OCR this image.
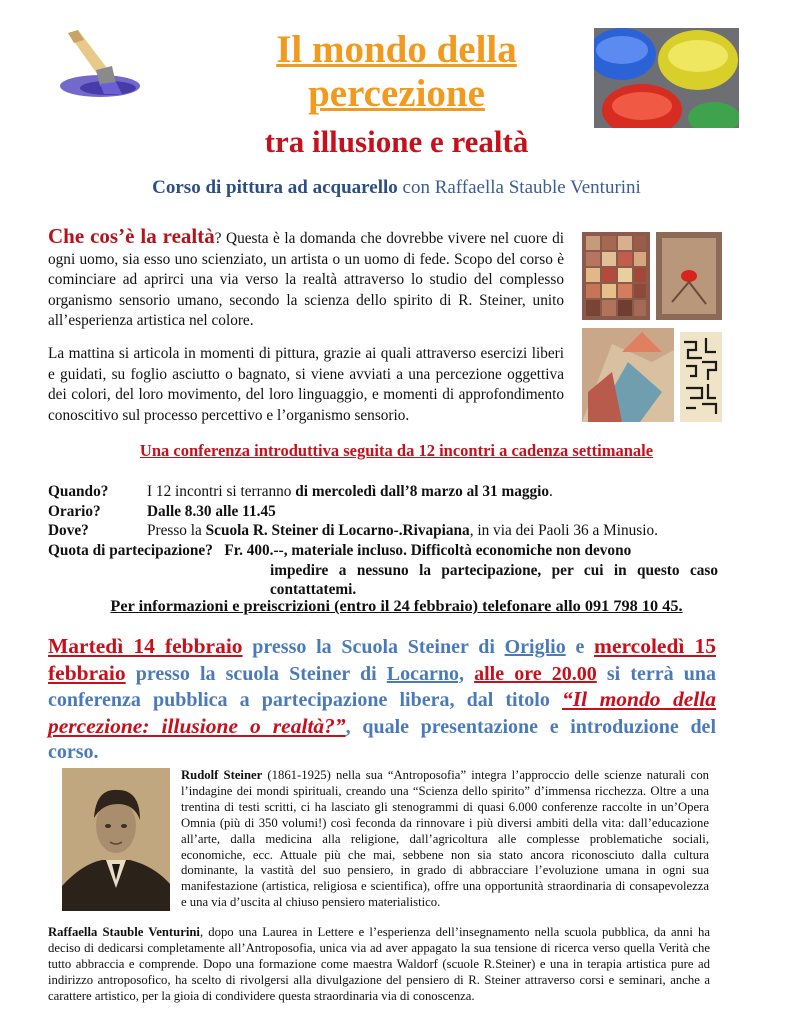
Il mondo della
percezione
tra illusione e realtà
Corso di pittura ad acquarello con Raffaella Stauble Venturini
Che cos’è la realtà? Questa è la domanda che dovrebbe vivere nel cuore di ogni uomo, sia esso uno scienziato, un artista o un uomo di fede. Scopo del corso è cominciare ad aprirci una via verso la realtà attraverso lo studio del complesso organismo sensorio umano, secondo la scienza dello spirito di R. Steiner, unito all’esperienza artistica nel colore.
La mattina si articola in momenti di pittura, grazie ai quali attraverso esercizi liberi e guidati, su foglio asciutto o bagnato, si viene avviati a una percezione oggettiva dei colori, del loro movimento, del loro linguaggio, e momenti di approfondimento conoscitivo sul processo percettivo e l’organismo sensorio.
Una conferenza introduttiva seguita da 12 incontri a cadenza settimanale
Quando?	I 12 incontri si terranno di mercoledì dall’8 marzo al 31 maggio.
Orario?	Dalle 8.30 alle 11.45
Dove?	Presso la Scuola R. Steiner di Locarno-.Rivapiana, in via dei Paoli 36 a Minusio.
Quota di partecipazione? Fr. 400.--, materiale incluso. Difficoltà economiche non devono
impedire a nessuno la partecipazione, per cui in questo caso contattatemi.
Per informazioni e preiscrizioni (entro il 24 febbraio) telefonare allo 091 798 10 45.
Martedì 14 febbraio presso la Scuola Steiner di Origlio e mercoledì 15 febbraio presso la scuola Steiner di Locarno, alle ore 20.00 si terrà una conferenza pubblica a partecipazione libera, dal titolo “Il mondo della percezione: illusione o realtà?”, quale presentazione e introduzione del corso.
Rudolf Steiner (1861-1925) nella sua “Antroposofia” integra l’approccio delle scienze naturali con l’indagine dei mondi spirituali, creando una “Scienza dello spirito” d’immensa ricchezza. Oltre a una trentina di testi scritti, ci ha lasciato gli stenogrammi di quasi 6.000 conferenze raccolte in un’Opera Omnia (più di 350 volumi!) così feconda da rinnovare i più diversi ambiti della vita: dall’educazione all’arte, dalla medicina alla religione, dall’agricoltura alle complesse problematiche sociali, economiche, ecc. Attuale più che mai, sebbene non sia stato ancora riconosciuto dalla cultura dominante, la vastità del suo pensiero, in grado di abbracciare l’evoluzione umana in ogni sua manifestazione (artistica, religiosa e scientifica), offre una opportunità straordinaria di consapevolezza e una via d’uscita al chiuso pensiero materialistico.
Raffaella Stauble Venturini, dopo una Laurea in Lettere e l’esperienza dell’insegnamento nella scuola pubblica, da anni ha deciso di dedicarsi completamente all’Antroposofia, unica via ad aver appagato la sua tensione di ricerca verso quella Verità che tutto abbraccia e comprende. Dopo una formazione come maestra Waldorf (scuole R.Steiner) e una in terapia artistica pure ad indirizzo antroposofico, ha scelto di rivolgersi alla divulgazione del pensiero di R. Steiner attraverso corsi e seminari, anche a carattere artistico, per la gioia di condividere questa straordinaria via di conoscenza.
